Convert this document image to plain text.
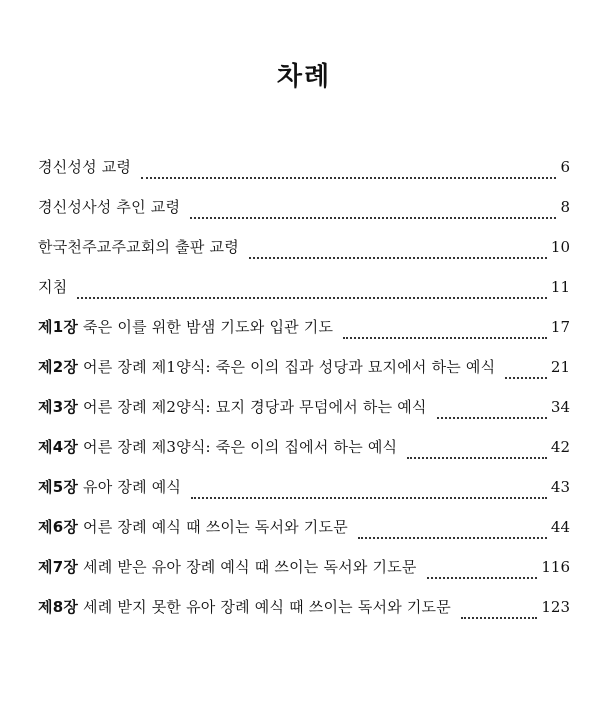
차례
경신성성 교령	6
경신성사성 추인 교령	8
한국천주교주교회의 출판 교령	10
지침	11
제1장 죽은 이를 위한 밤샘 기도와 입관 기도	17
제2장 어른 장례 제1양식: 죽은 이의 집과 성당과 묘지에서 하는 예식	21
제3장 어른 장례 제2양식: 묘지 경당과 무덤에서 하는 예식	34
제4장 어른 장례 제3양식: 죽은 이의 집에서 하는 예식	42
제5장 유아 장례 예식	43
제6장 어른 장례 예식 때 쓰이는 독서와 기도문	44
제7장 세례 받은 유아 장례 예식 때 쓰이는 독서와 기도문	116
제8장 세례 받지 못한 유아 장례 예식 때 쓰이는 독서와 기도문	123
